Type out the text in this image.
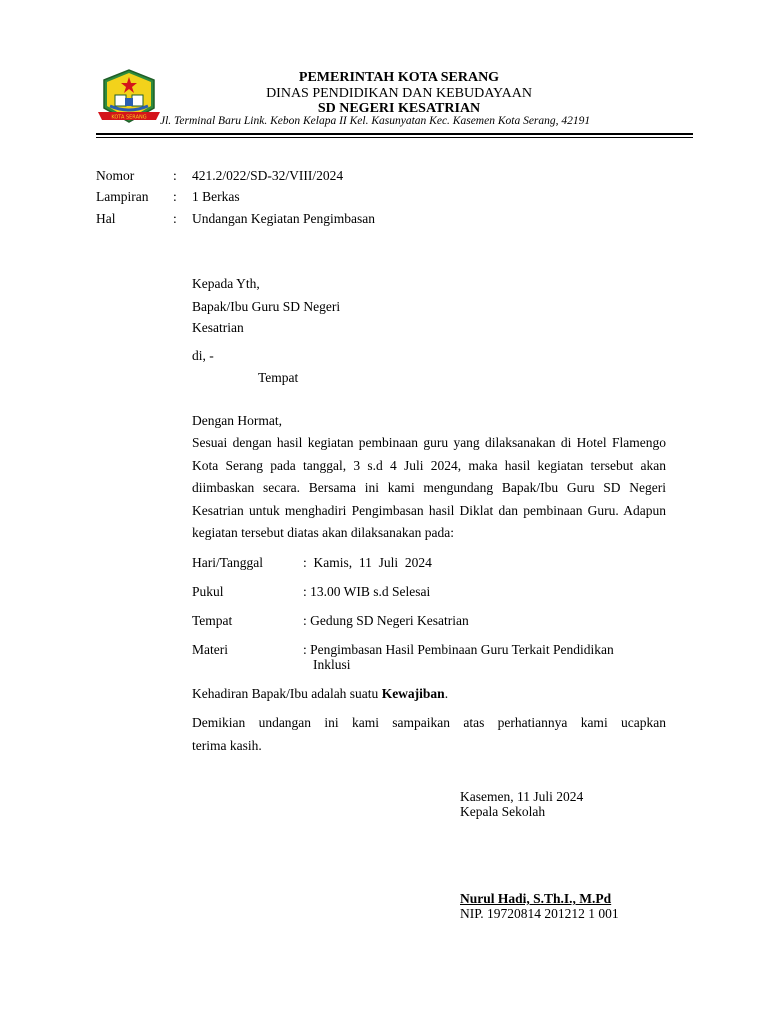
KOTA SERANG
PEMERINTAH KOTA SERANG
DINAS PENDIDIKAN DAN KEBUDAYAAN
SD NEGERI KESATRIAN
Jl. Terminal Baru Link. Kebon Kelapa II Kel. Kasunyatan Kec. Kasemen Kota Serang, 42191
Nomor	: 421.2/022/SD-32/VIII/2024
Lampiran : 1 Berkas
Hal	: Undangan Kegiatan Pengimbasan
Kepada Yth,
Bapak/Ibu Guru SD Negeri
Kesatrian
di, -
Tempat
Dengan Hormat,
Sesuai dengan hasil kegiatan pembinaan guru yang dilaksanakan di Hotel Flamengo Kota Serang pada tanggal, 3 s.d 4 Juli 2024, maka hasil kegiatan tersebut akan diimbaskan secara. Bersama ini kami mengundang Bapak/Ibu Guru SD Negeri Kesatrian untuk menghadiri Pengimbasan hasil Diklat dan pembinaan Guru. Adapun kegiatan tersebut diatas akan dilaksanakan pada:
Hari/Tanggal	:  Kamis,  11  Juli  2024
Pukul	: 13.00 WIB s.d Selesai
Tempat	: Gedung SD Negeri Kesatrian
Materi	: Pengimbasan Hasil Pembinaan Guru Terkait Pendidikan
Inklusi
Kehadiran Bapak/Ibu adalah suatu Kewajiban.
Demikian undangan ini kami sampaikan atas perhatiannya kami ucapkan
terima kasih.
Kasemen, 11 Juli 2024
Kepala Sekolah
Nurul Hadi, S.Th.I., M.Pd
NIP. 19720814 201212 1 001
